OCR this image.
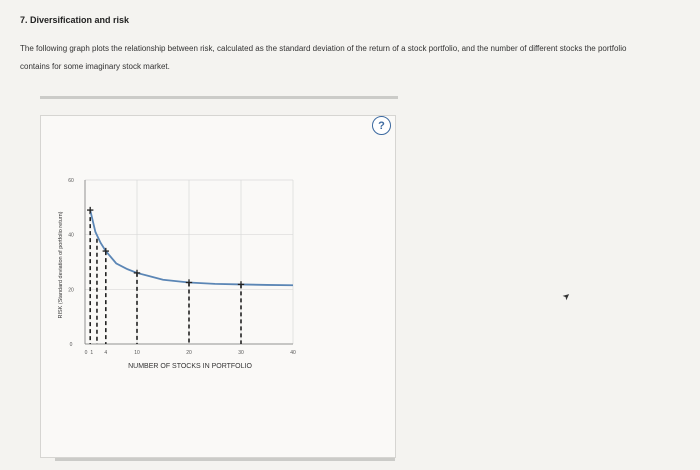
7. Diversification and risk
The following graph plots the relationship between risk, calculated as the standard deviation of the return of a stock portfolio, and the number of different stocks the portfolio contains for some imaginary stock market.
?
➤
0
20
40
60
0 1 4	10	20	30	40
NUMBER OF STOCKS IN PORTFOLIO
RISK (Standard deviation of portfolio return)
